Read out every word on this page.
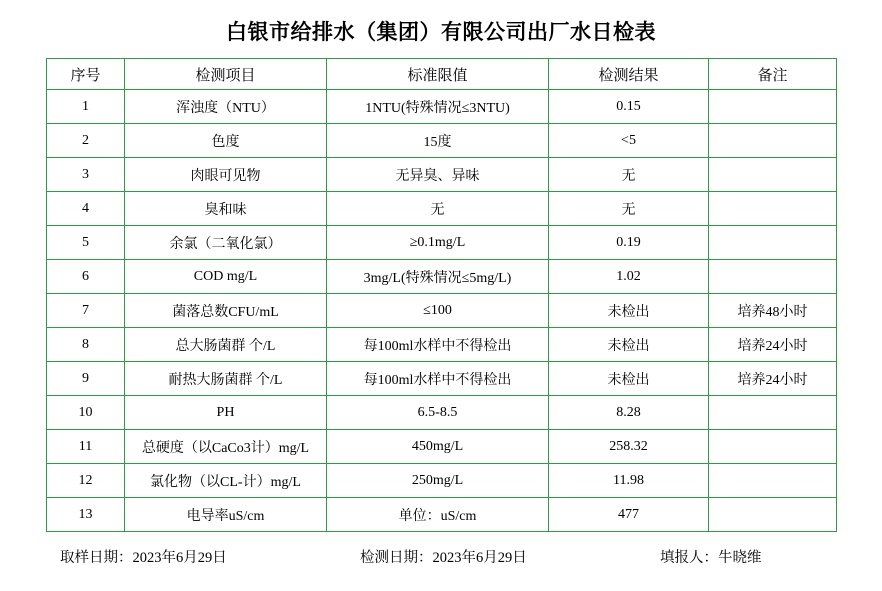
白银市给排水（集团）有限公司出厂水日检表
序号	检测项目	标准限值	检测结果	备注
1	浑浊度（NTU）	1NTU(特殊情况≤3NTU)	0.15	
2	色度	15度	<5	
3	肉眼可见物	无异臭、异味	无	
4	臭和味	无	无	
5	余氯（二氧化氯）	≥0.1mg/L	0.19	
6	COD mg/L	3mg/L(特殊情况≤5mg/L)	1.02	
7	菌落总数CFU/mL	≤100	未检出	培养48小时
8	总大肠菌群 个/L	每100ml水样中不得检出	未检出	培养24小时
9	耐热大肠菌群 个/L	每100ml水样中不得检出	未检出	培养24小时
10	PH	6.5-8.5	8.28	
11	总硬度（以CaCo3计）mg/L	450mg/L	258.32	
12	氯化物（以CL-计）mg/L	250mg/L	11.98	
13	电导率uS/cm	单位：uS/cm	477	
取样日期：2023年6月29日	检测日期：2023年6月29日	填报人：牛晓维
